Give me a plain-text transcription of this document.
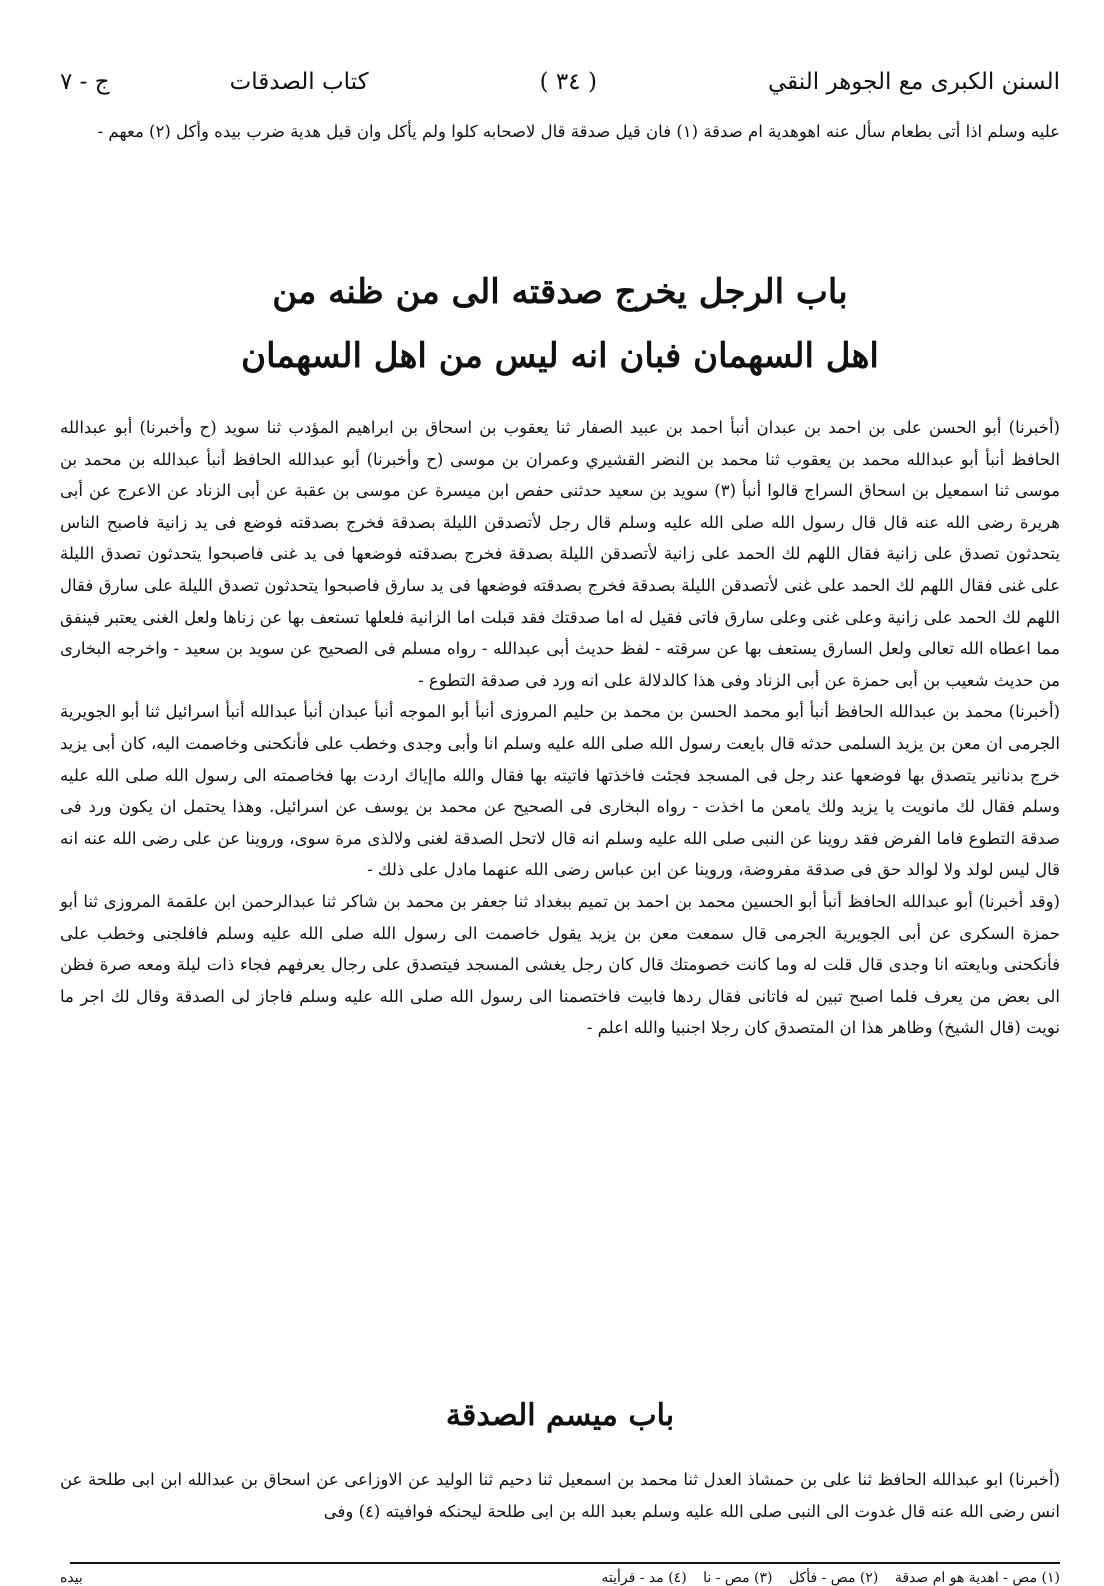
السنن الكبرى مع الجوهر النقي
( ٣٤ )
كتاب الصدقات
ج - ٧

عليه وسلم اذا أتى بطعام سأل عنه اهوهدية ام صدقة (١) فان قيل صدقة قال لاصحابه كلوا ولم يأكل وان قيل هدية ضرب بيده وأكل (٢) معهم -

باب الرجل يخرج صدقته الى من ظنه من
اهل السهمان فبان انه ليس من اهل السهمان

(أخبرنا) أبو الحسن على بن احمد بن عبدان أنبأ احمد بن عبيد الصفار ثنا يعقوب بن اسحاق بن ابراهيم المؤدب ثنا سويد (ح وأخبرنا) أبو عبدالله الحافظ أنبأ أبو عبدالله محمد بن يعقوب ثنا محمد بن النضر القشيري وعمران بن موسى (ح وأخبرنا) أبو عبدالله الحافظ أنبأ عبدالله بن محمد بن موسى ثنا اسمعيل بن اسحاق السراج قالوا أنبأ (٣) سويد بن سعيد حدثنى حفص ابن ميسرة عن موسى بن عقبة عن أبى الزناد عن الاعرج عن أبى هريرة رضى الله عنه قال قال رسول الله صلى الله عليه وسلم قال رجل لأتصدقن الليلة بصدقة فخرج بصدقته فوضع فى يد زانية فاصبح الناس يتحدثون تصدق على زانية فقال اللهم لك الحمد على زانية لأتصدقن الليلة بصدقة فخرج بصدقته فوضعها فى يد غنى فاصبحوا يتحدثون تصدق الليلة على غنى فقال اللهم لك الحمد على غنى لأتصدقن الليلة بصدقة فخرج بصدقته فوضعها فى يد سارق فاصبحوا يتحدثون تصدق الليلة على سارق فقال اللهم لك الحمد على زانية وعلى غنى وعلى سارق فاتى فقيل له اما صدقتك فقد قبلت اما الزانية فلعلها تستعف بها عن زناها ولعل الغنى يعتبر فينفق مما اعطاه الله تعالى ولعل السارق يستعف بها عن سرقته - لفظ حديث أبى عبدالله - رواه مسلم فى الصحيح عن سويد بن سعيد - واخرجه البخارى من حديث شعيب بن أبى حمزة عن أبى الزناد وفى هذا كالدلالة على انه ورد فى صدقة التطوع -

(أخبرنا) محمد بن عبدالله الحافظ أنبأ أبو محمد الحسن بن محمد بن حليم المروزى أنبأ أبو الموجه أنبأ عبدان أنبأ عبدالله أنبأ اسرائيل ثنا أبو الجويرية الجرمى ان معن بن يزيد السلمى حدثه قال بايعت رسول الله صلى الله عليه وسلم انا وأبى وجدى وخطب على فأنكحنى وخاصمت اليه، كان أبى يزيد خرج بدنانير يتصدق بها فوضعها عند رجل فى المسجد فجئت فاخذتها فاتيته بها فقال والله ماإياك اردت بها فخاصمته الى رسول الله صلى الله عليه وسلم فقال لك مانويت يا يزيد ولك يامعن ما اخذت - رواه البخارى فى الصحيح عن محمد بن يوسف عن اسرائيل. وهذا يحتمل ان يكون ورد فى صدقة التطوع فاما الفرض فقد روينا عن النبى صلى الله عليه وسلم انه قال لاتحل الصدقة لغنى ولالذى مرة سوى، وروينا عن على رضى الله عنه انه قال ليس لولد ولا لوالد حق فى صدقة مفروضة، وروينا عن ابن عباس رضى الله عنهما مادل على ذلك -

(وقد أخبرنا) أبو عبدالله الحافظ أنبأ أبو الحسين محمد بن احمد بن تميم ببغداد ثنا جعفر بن محمد بن شاكر ثنا عبدالرحمن ابن علقمة المروزى ثنا أبو حمزة السكرى عن أبى الجويرية الجرمى قال سمعت معن بن يزيد يقول خاصمت الى رسول الله صلى الله عليه وسلم فافلجنى وخطب على فأنكحنى وبايعته انا وجدى قال قلت له وما كانت خصومتك قال كان رجل يغشى المسجد فيتصدق على رجال يعرفهم فجاء ذات ليلة ومعه صرة فظن الى بعض من يعرف فلما اصبح تبين له فاتانى فقال ردها فابيت فاختصمنا الى رسول الله صلى الله عليه وسلم فاجاز لى الصدقة وقال لك اجر ما نويت (قال الشيخ) وظاهر هذا ان المتصدق كان رجلا اجنبيا والله اعلم -

باب ميسم الصدقة

(أخبرنا) ابو عبدالله الحافظ ثنا على بن حمشاذ العدل ثنا محمد بن اسمعيل ثنا دحيم ثنا الوليد عن الاوزاعى عن اسحاق بن عبدالله ابن ابى طلحة عن انس رضى الله عنه قال غدوت الى النبى صلى الله عليه وسلم بعبد الله بن ابى طلحة ليحنكه فوافيته (٤) وفى

(١) مص - اهدية هو ام صدقة (٢) مص - فأكل (٣) مص - نا (٤) مد - فرأيته
بيده
